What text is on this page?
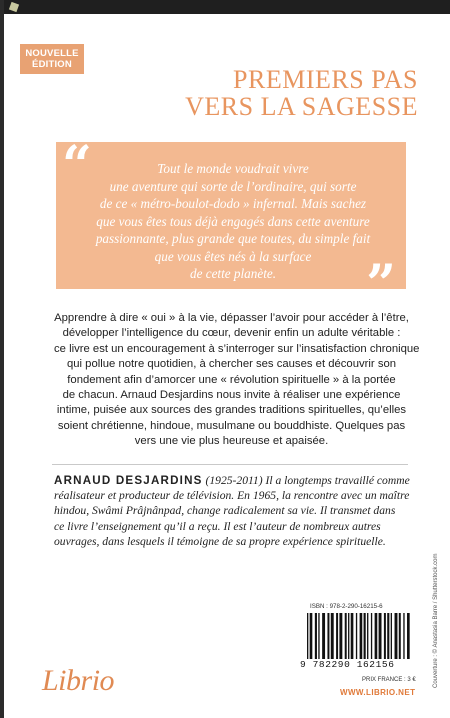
NOUVELLE
ÉDITION
PREMIERS PAS
VERS LA SAGESSE
“	Tout le monde voudrait vivre
une aventure qui sorte de l’ordinaire, qui sorte
de ce « métro-boulot-dodo » infernal. Mais sachez
que vous êtes tous déjà engagés dans cette aventure
passionnante, plus grande que toutes, du simple fait
que vous êtes nés à la surface
de cette planète.	”
Apprendre à dire « oui » à la vie, dépasser l’avoir pour accéder à l’être,
développer l’intelligence du cœur, devenir enfin un adulte véritable :
ce livre est un encouragement à s’interroger sur l’insatisfaction chronique
qui pollue notre quotidien, à chercher ses causes et découvrir son
fondement afin d’amorcer une « révolution spirituelle » à la portée
de chacun. Arnaud Desjardins nous invite à réaliser une expérience
intime, puisée aux sources des grandes traditions spirituelles, qu’elles
soient chrétienne, hindoue, musulmane ou bouddhiste. Quelques pas
vers une vie plus heureuse et apaisée.
ARNAUD DESJARDINS (1925-2011) Il a longtemps travaillé comme
réalisateur et producteur de télévision. En 1965, la rencontre avec un maître
hindou, Swâmi Prâjnânpad, change radicalement sa vie. Il transmet dans
ce livre l’enseignement qu’il a reçu. Il est l’auteur de nombreux autres
ouvrages, dans lesquels il témoigne de sa propre expérience spirituelle.
Couverture : © Anastasia Barre / Shutterstock.com
Librio
ISBN : 978-2-290-16215-6
9 782290 162156
PRIX FRANCE : 3 €
WWW.LIBRIO.NET
